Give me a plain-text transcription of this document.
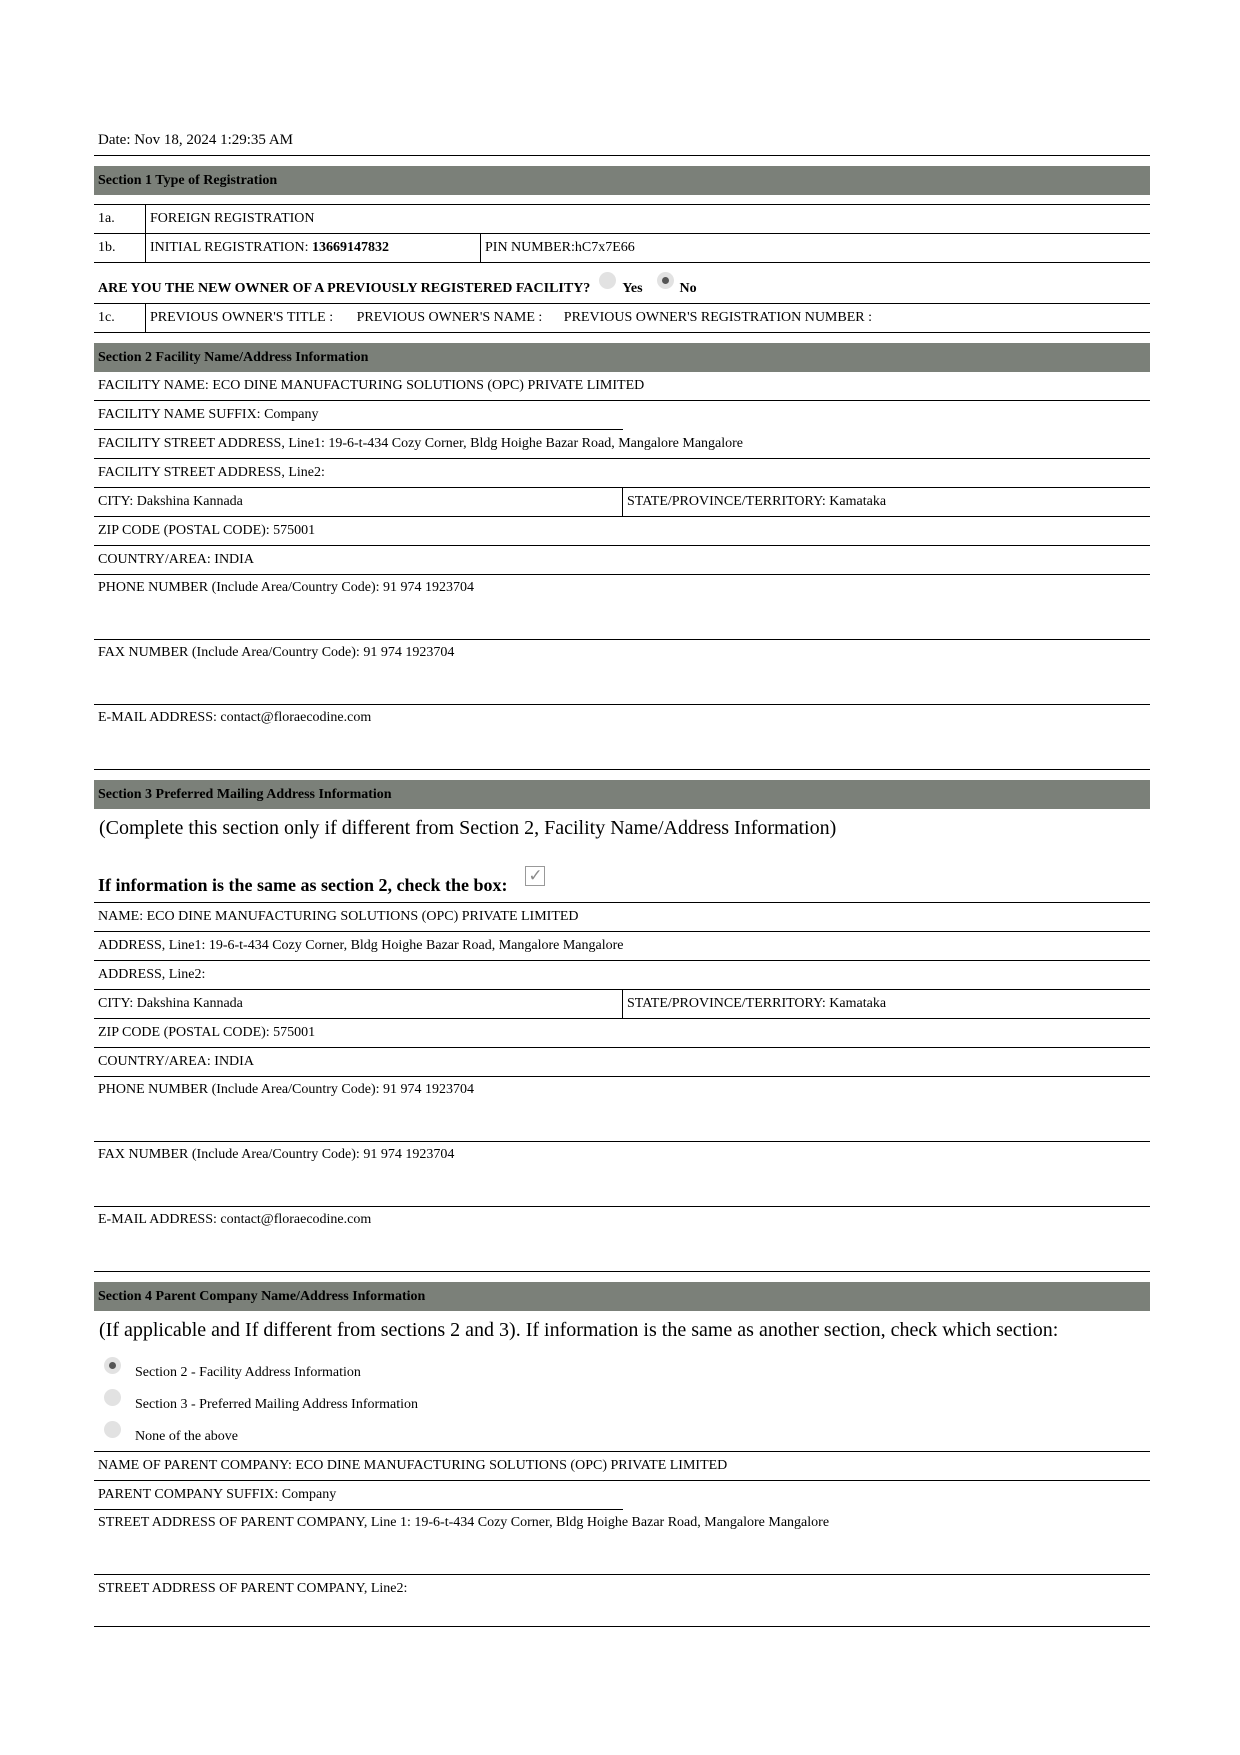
Date: Nov 18, 2024 1:29:35 AM
Section 1 Type of Registration
1a.	FOREIGN REGISTRATION
1b.	INITIAL REGISTRATION: 13669147832	PIN NUMBER:hC7x7E66
ARE YOU THE NEW OWNER OF A PREVIOUSLY REGISTERED FACILITY? Yes	No
1c.	PREVIOUS OWNER'S TITLE : PREVIOUS OWNER'S NAME : PREVIOUS OWNER'S REGISTRATION NUMBER :
Section 2 Facility Name/Address Information
FACILITY NAME: ECO DINE MANUFACTURING SOLUTIONS (OPC) PRIVATE LIMITED
FACILITY NAME SUFFIX: Company
FACILITY STREET ADDRESS, Line1: 19-6-t-434 Cozy Corner, Bldg Hoighe Bazar Road, Mangalore Mangalore
FACILITY STREET ADDRESS, Line2:
CITY: Dakshina Kannada	STATE/PROVINCE/TERRITORY: Kamataka
ZIP CODE (POSTAL CODE): 575001
COUNTRY/AREA: INDIA
PHONE NUMBER (Include Area/Country Code): 91 974 1923704
FAX NUMBER (Include Area/Country Code): 91 974 1923704
E-MAIL ADDRESS: contact@floraecodine.com
Section 3 Preferred Mailing Address Information
(Complete this section only if different from Section 2, Facility Name/Address Information)
If information is the same as section 2, check the box: ✓
NAME: ECO DINE MANUFACTURING SOLUTIONS (OPC) PRIVATE LIMITED
ADDRESS, Line1: 19-6-t-434 Cozy Corner, Bldg Hoighe Bazar Road, Mangalore Mangalore
ADDRESS, Line2:
CITY: Dakshina Kannada	STATE/PROVINCE/TERRITORY: Kamataka
ZIP CODE (POSTAL CODE): 575001
COUNTRY/AREA: INDIA
PHONE NUMBER (Include Area/Country Code): 91 974 1923704
FAX NUMBER (Include Area/Country Code): 91 974 1923704
E-MAIL ADDRESS: contact@floraecodine.com
Section 4 Parent Company Name/Address Information
(If applicable and If different from sections 2 and 3). If information is the same as another section, check which section:
Section 2 - Facility Address Information
Section 3 - Preferred Mailing Address Information
None of the above
NAME OF PARENT COMPANY: ECO DINE MANUFACTURING SOLUTIONS (OPC) PRIVATE LIMITED
PARENT COMPANY SUFFIX: Company
STREET ADDRESS OF PARENT COMPANY, Line 1: 19-6-t-434 Cozy Corner, Bldg Hoighe Bazar Road, Mangalore Mangalore
STREET ADDRESS OF PARENT COMPANY, Line2:
